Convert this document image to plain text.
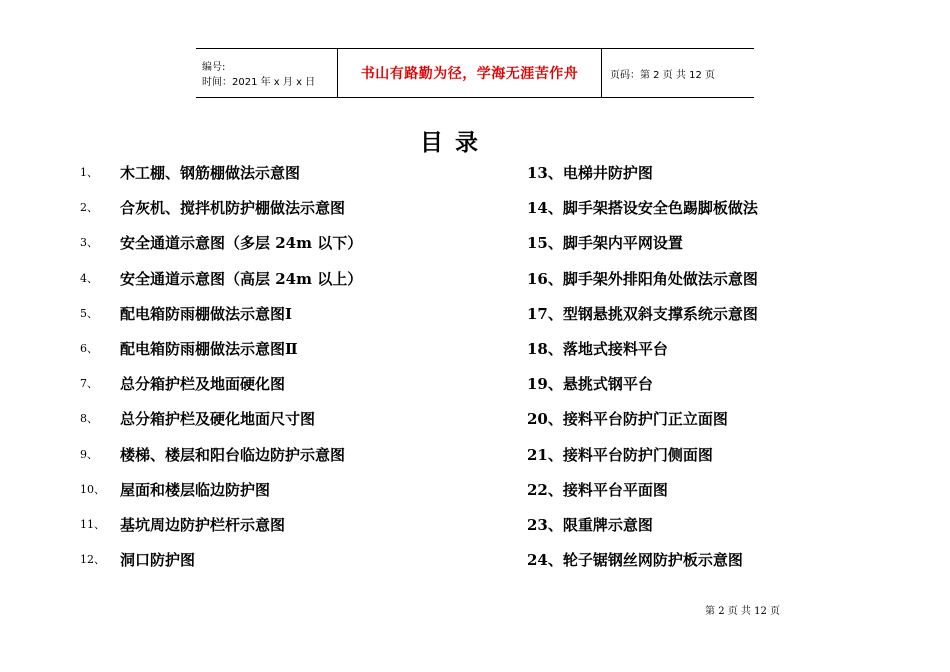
编号:
时间：2021 年 x 月 x 日
书山有路勤为径，学海无涯苦作舟	页码：第 2 页 共 12 页
目 录
1、 木工棚、钢筋棚做法示意图
2、 合灰机、搅拌机防护棚做法示意图
3、 安全通道示意图（多层 24m 以下）
4、 安全通道示意图（高层 24m 以上）
5、 配电箱防雨棚做法示意图Ⅰ
6、 配电箱防雨棚做法示意图Ⅱ
7、 总分箱护栏及地面硬化图
8、 总分箱护栏及硬化地面尺寸图
9、 楼梯、楼层和阳台临边防护示意图
10、 屋面和楼层临边防护图
11、 基坑周边防护栏杆示意图
12、 洞口防护图
13、电梯井防护图
14、脚手架搭设安全色踢脚板做法
15、脚手架内平网设置
16、脚手架外排阳角处做法示意图
17、型钢悬挑双斜支撑系统示意图
18、落地式接料平台
19、悬挑式钢平台
20、接料平台防护门正立面图
21、接料平台防护门侧面图
22、接料平台平面图
23、限重牌示意图
24、轮子锯钢丝网防护板示意图
第 2 页 共 12 页
